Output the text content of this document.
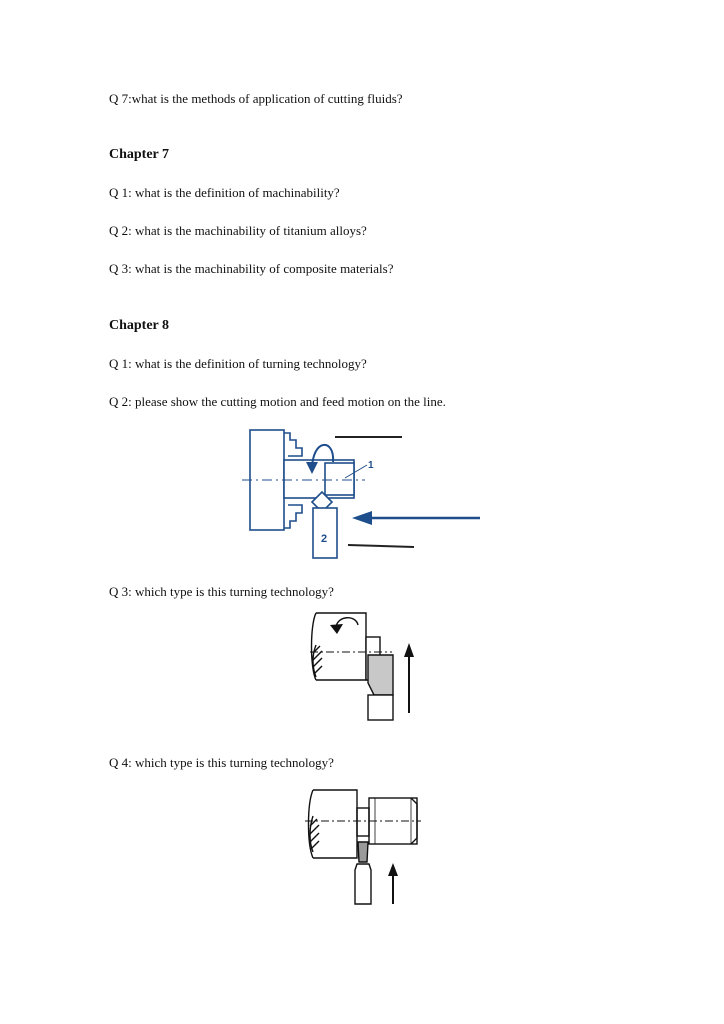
Q 7:what is the methods of application of cutting fluids?
Chapter 7
Q 1: what is the definition of machinability?
Q 2: what is the machinability of titanium alloys?
Q 3: what is the machinability of composite materials?
Chapter 8
Q 1: what is the definition of turning technology?
Q 2: please show the cutting motion and feed motion on the line.
1
2
Q 3: which type is this turning technology?
Q 4: which type is this turning technology?
